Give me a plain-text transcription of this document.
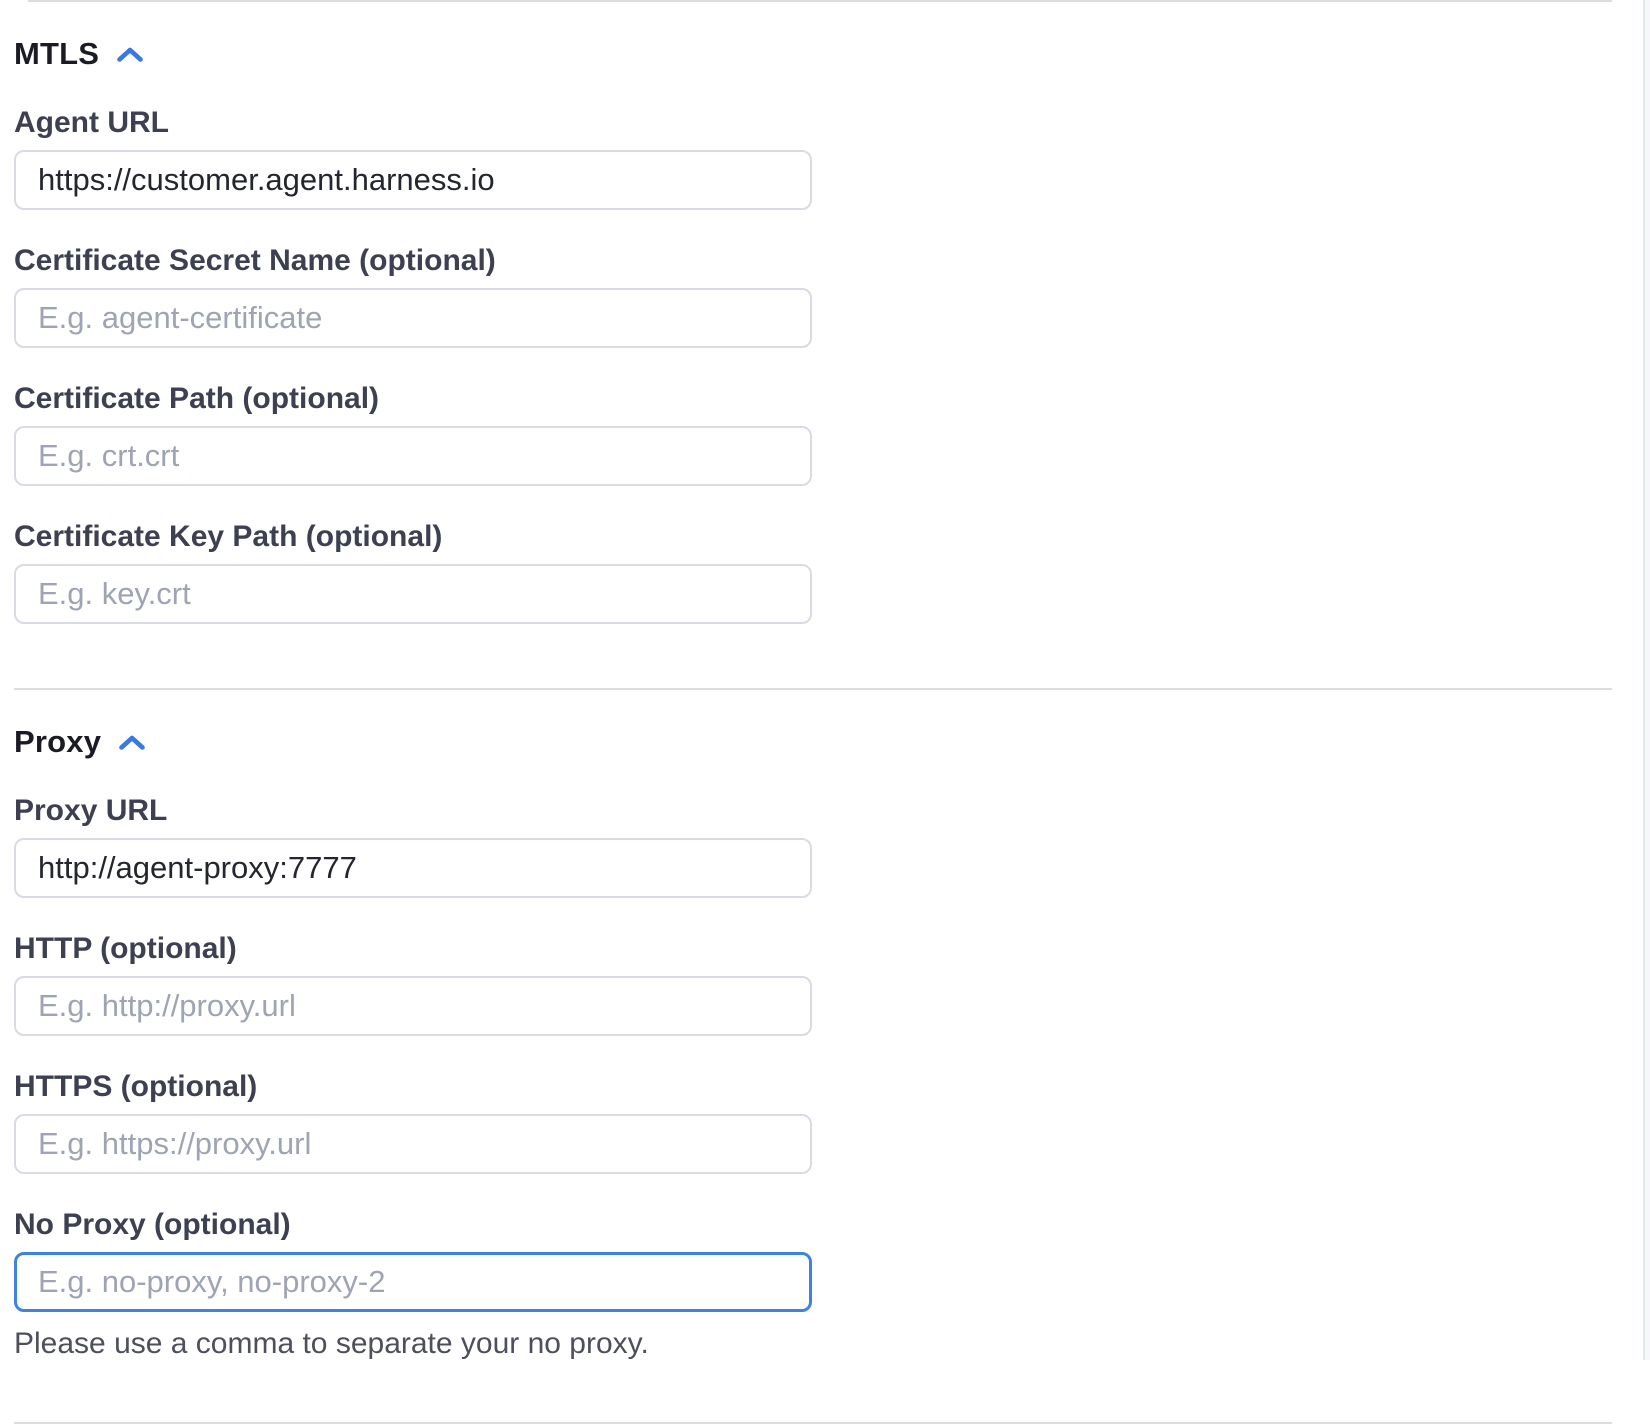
MTLS
Agent URL
https://customer.agent.harness.io
Certificate Secret Name (optional)
E.g. agent-certificate
Certificate Path (optional)
E.g. crt.crt
Certificate Key Path (optional)
E.g. key.crt
Proxy
Proxy URL
http://agent-proxy:7777
HTTP (optional)
E.g. http://proxy.url
HTTPS (optional)
E.g. https://proxy.url
No Proxy (optional)
E.g. no-proxy, no-proxy-2
Please use a comma to separate your no proxy.
